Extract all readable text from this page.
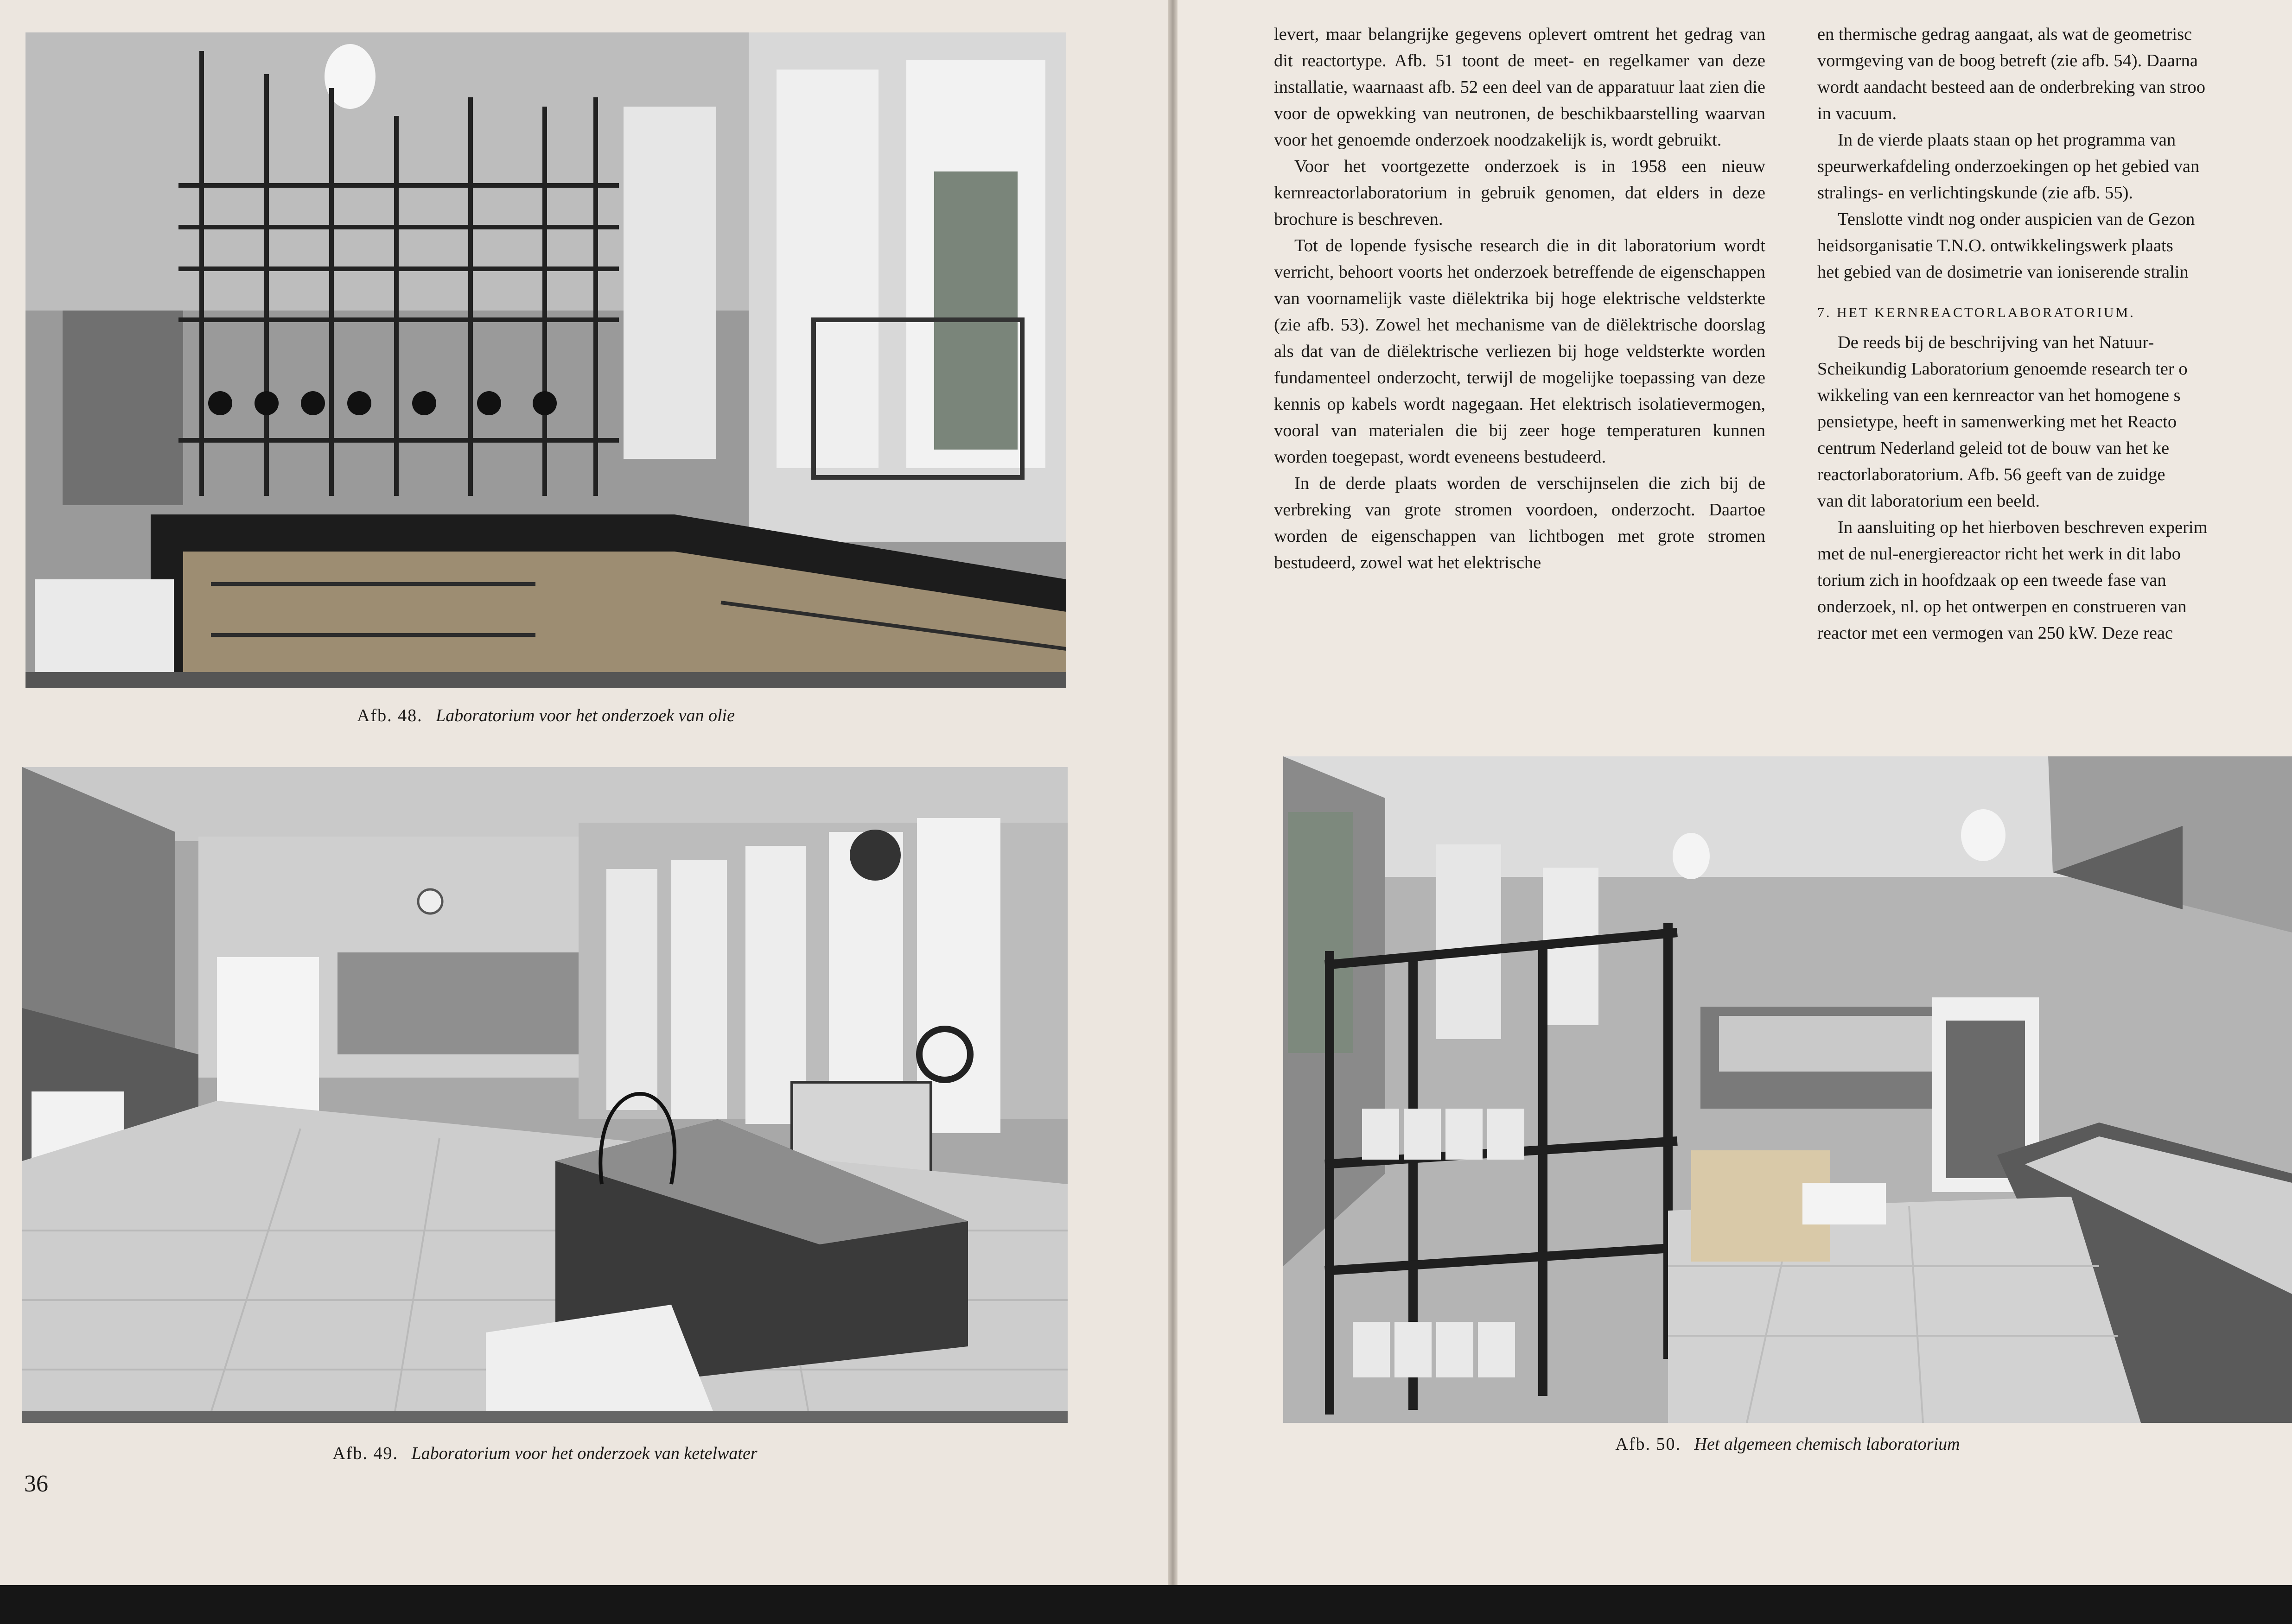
Afb. 48. Laboratorium voor het onderzoek van olie
Afb. 49. Laboratorium voor het onderzoek van ketelwater
36

levert, maar belangrijke gegevens oplevert omtrent het gedrag van dit reactortype. Afb. 51 toont de meet- en regelkamer van deze installatie, waarnaast afb. 52 een deel van de apparatuur laat zien die voor de opwekking van neutronen, de beschikbaarstelling waarvan voor het genoemde onderzoek noodzakelijk is, wordt gebruikt.

Voor het voortgezette onderzoek is in 1958 een nieuw kernreactorlaboratorium in gebruik genomen, dat elders in deze brochure is beschreven.

Tot de lopende fysische research die in dit laboratorium wordt verricht, behoort voorts het onderzoek betreffende de eigenschappen van voornamelijk vaste diëlektrika bij hoge elektrische veldsterkte (zie afb. 53). Zowel het mechanisme van de diëlektrische doorslag als dat van de diëlektrische verliezen bij hoge veldsterkte worden fundamenteel onderzocht, terwijl de mogelijke toepassing van deze kennis op kabels wordt nagegaan. Het elektrisch isolatievermogen, vooral van materialen die bij zeer hoge temperaturen kunnen worden toegepast, wordt eveneens bestudeerd.

In de derde plaats worden de verschijnselen die zich bij de verbreking van grote stromen voordoen, onderzocht. Daartoe worden de eigenschappen van lichtbogen met grote stromen bestudeerd, zowel wat het elektrische

en thermische gedrag aangaat, als wat de geometrisc
vormgeving van de boog betreft (zie afb. 54). Daarna
wordt aandacht besteed aan de onderbreking van stroo
in vacuum.
In de vierde plaats staan op het programma van
speurwerkafdeling onderzoekingen op het gebied van
stralings- en verlichtingskunde (zie afb. 55).
Tenslotte vindt nog onder auspicien van de Gezon
heidsorganisatie T.N.O. ontwikkelingswerk plaats
het gebied van de dosimetrie van ioniserende stralin
7. HET KERNREACTORLABORATORIUM.
De reeds bij de beschrijving van het Natuur-
Scheikundig Laboratorium genoemde research ter o
wikkeling van een kernreactor van het homogene s
pensietype, heeft in samenwerking met het Reacto
centrum Nederland geleid tot de bouw van het ke
reactorlaboratorium. Afb. 56 geeft van de zuidge
van dit laboratorium een beeld.
In aansluiting op het hierboven beschreven experim
met de nul-energiereactor richt het werk in dit labo
torium zich in hoofdzaak op een tweede fase van
onderzoek, nl. op het ontwerpen en construeren van
reactor met een vermogen van 250 kW. Deze reac
Afb. 50. Het algemeen chemisch laboratorium
